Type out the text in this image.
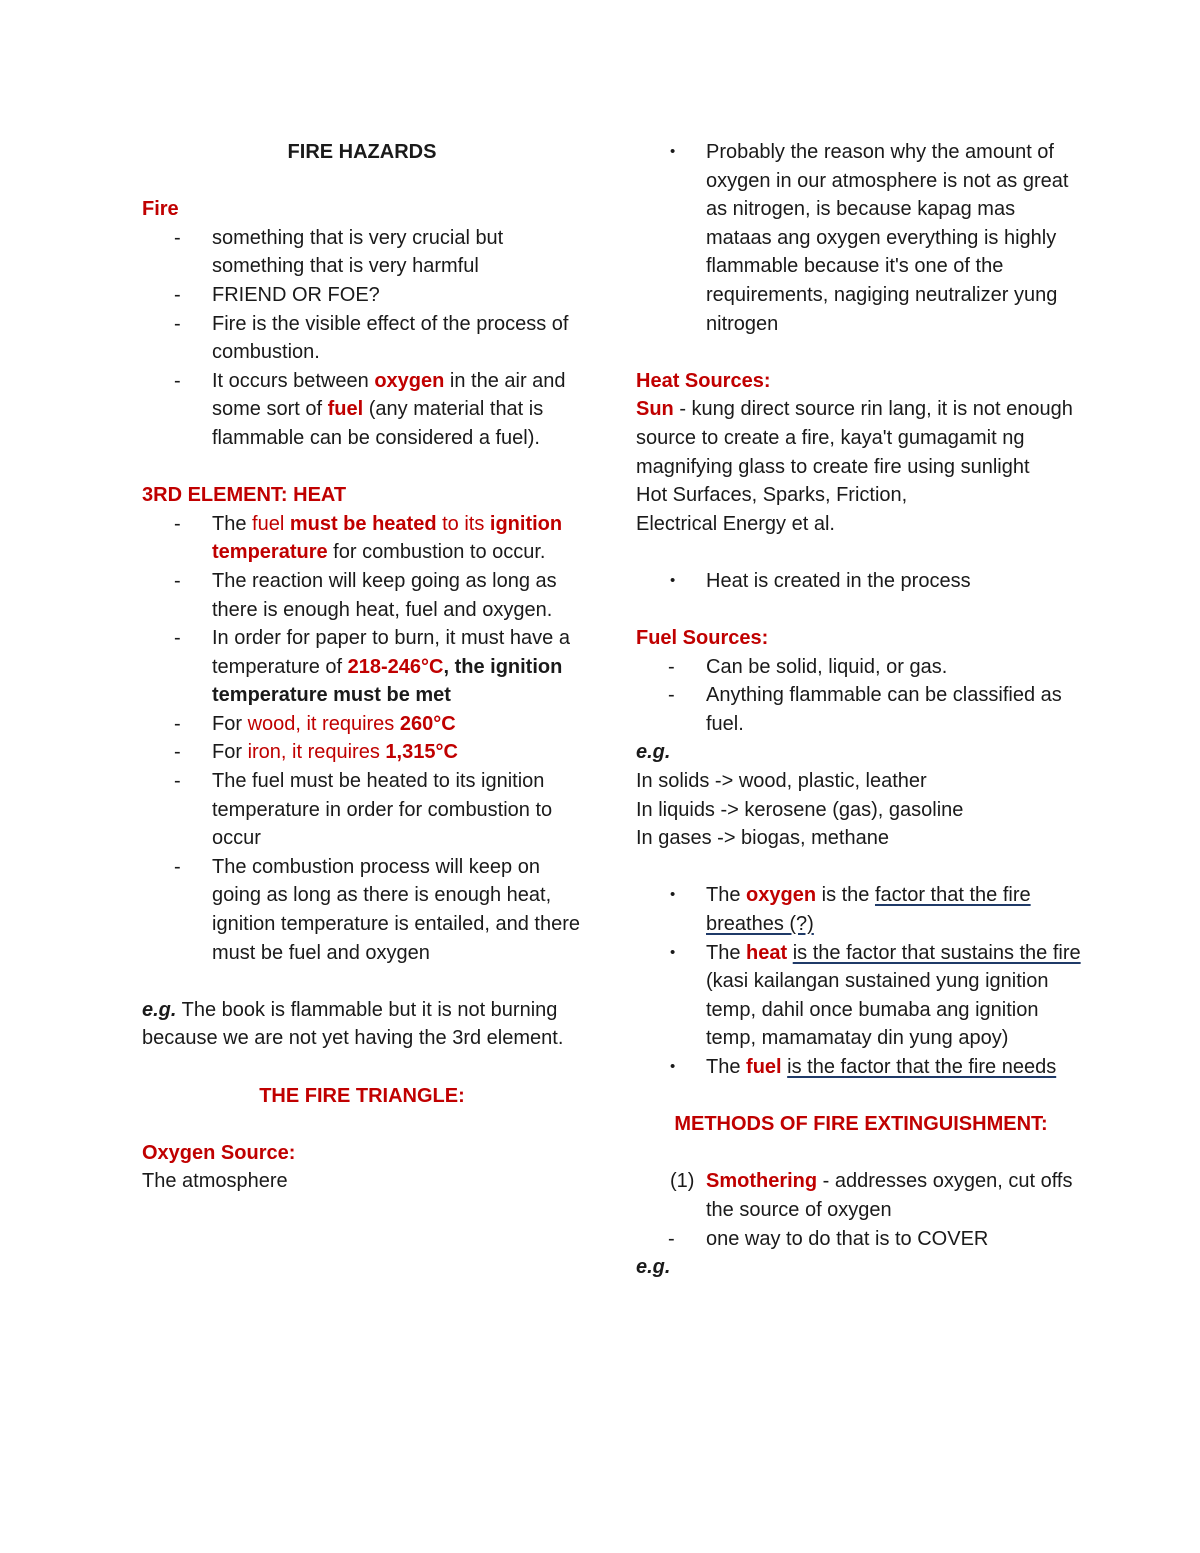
FIRE HAZARDS
Fire
-	something that is very crucial but something that is very harmful
-	FRIEND OR FOE?
-	Fire is the visible effect of the process of combustion.
-	It occurs between oxygen in the air and some sort of fuel (any material that is flammable can be considered a fuel).
3RD ELEMENT: HEAT
-	The fuel must be heated to its ignition temperature for combustion to occur.
-	The reaction will keep going as long as there is enough heat, fuel and oxygen.
-	In order for paper to burn, it must have a temperature of 218-246°C, the ignition temperature must be met
-	For wood, it requires 260°C
-	For iron, it requires 1,315°C
-	The fuel must be heated to its ignition temperature in order for combustion to occur
-	The combustion process will keep on going as long as there is enough heat, ignition temperature is entailed, and there must be fuel and oxygen
e.g. The book is flammable but it is not burning because we are not yet having the 3rd element.
THE FIRE TRIANGLE:
Oxygen Source:
The atmosphere
• Probably the reason why the amount of oxygen in our atmosphere is not as great as nitrogen, is because kapag mas mataas ang oxygen everything is highly flammable because it's one of the requirements, nagiging neutralizer yung nitrogen
Heat Sources:
Sun - kung direct source rin lang, it is not enough source to create a fire, kaya't gumagamit ng magnifying glass to create fire using sunlight
Hot Surfaces, Sparks, Friction,
Electrical Energy et al.
• Heat is created in the process
Fuel Sources:
-	Can be solid, liquid, or gas.
-	Anything flammable can be classified as fuel.
e.g.
In solids -> wood, plastic, leather
In liquids -> kerosene (gas), gasoline
In gases -> biogas, methane
• The oxygen is the factor that the fire breathes (?)
• The heat is the factor that sustains the fire (kasi kailangan sustained yung ignition temp, dahil once bumaba ang ignition temp, mamamatay din yung apoy)
• The fuel is the factor that the fire needs
METHODS OF FIRE EXTINGUISHMENT:
(1) Smothering - addresses oxygen, cut offs the source of oxygen
-	one way to do that is to COVER
e.g.
